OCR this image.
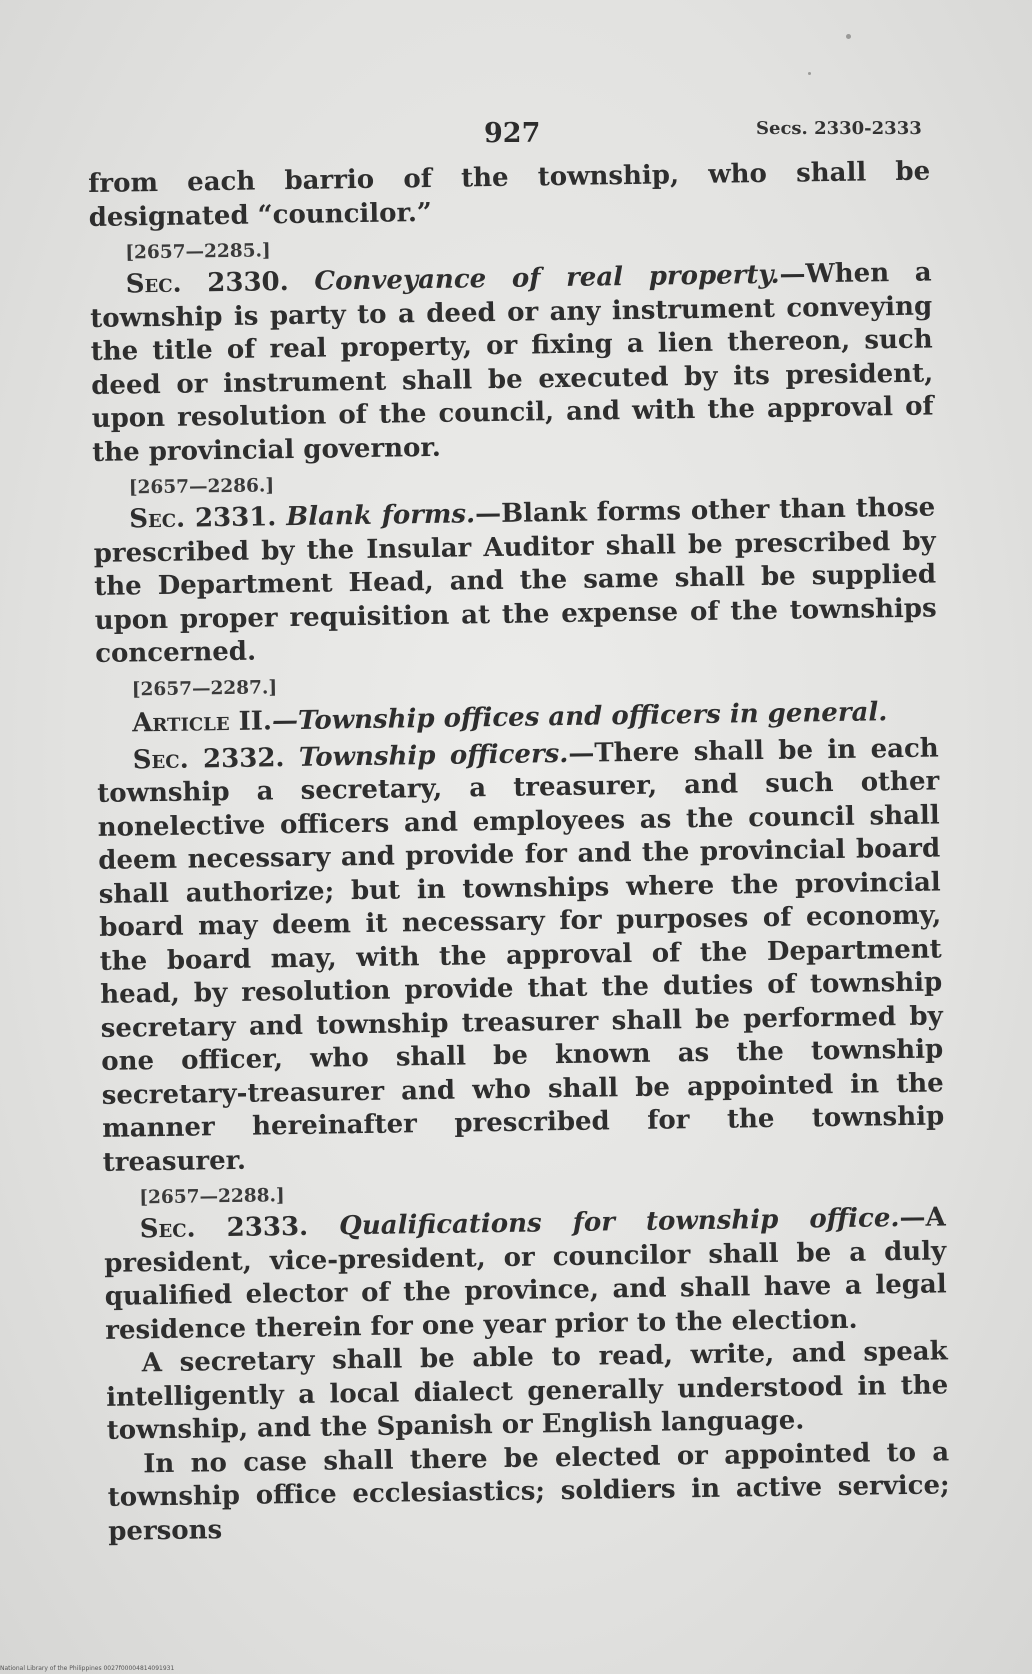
927	Secs. 2330-2333

from each barrio of the township, who shall be designated “councilor.”

[2657—2285.]

Sec. 2330. Conveyance of real property.—When a township is party to a deed or any instrument conveying the title of real property, or fixing a lien thereon, such deed or instrument shall be executed by its president, upon resolution of the council, and with the approval of the provincial governor.

[2657—2286.]

Sec. 2331. Blank forms.—Blank forms other than those prescribed by the Insular Auditor shall be prescribed by the Department Head, and the same shall be supplied upon proper requisition at the expense of the townships concerned.

[2657—2287.]
Article II.—Township offices and officers in general.

Sec. 2332. Township officers.—There shall be in each township a secretary, a treasurer, and such other nonelective officers and employees as the council shall deem necessary and provide for and the provincial board shall authorize; but in townships where the provincial board may deem it necessary for purposes of economy, the board may, with the approval of the Department head, by resolution provide that the duties of township secretary and township treasurer shall be performed by one officer, who shall be known as the township secretary-treasurer and who shall be appointed in the manner hereinafter prescribed for the township treasurer.

[2657—2288.]

Sec. 2333. Qualifications for township office.—A president, vice-president, or councilor shall be a duly qualified elector of the province, and shall have a legal residence therein for one year prior to the election.

A secretary shall be able to read, write, and speak intelligently a local dialect generally understood in the township, and the Spanish or English language.

In no case shall there be elected or appointed to a township office ecclesiastics; soldiers in active service; persons

National Library of the Philippines 0027f00004814091931
